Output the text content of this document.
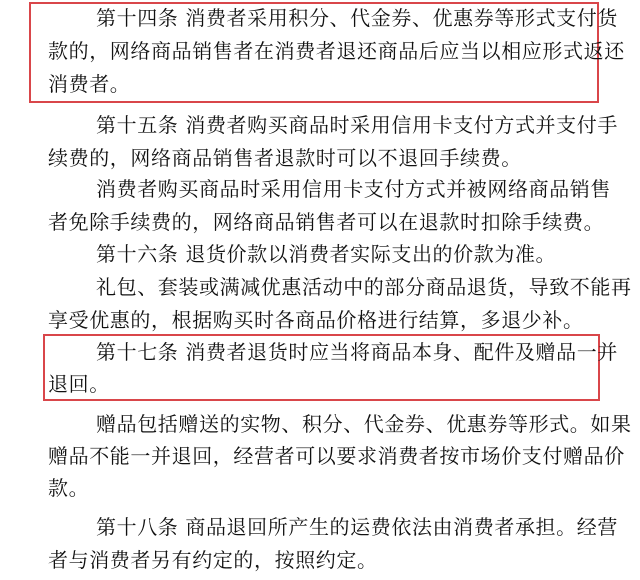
第十四条 消费者采用积分、代金券、优惠券等形式支付货
款的，网络商品销售者在消费者退还商品后应当以相应形式返还
消费者。
第十五条 消费者购买商品时采用信用卡支付方式并支付手
续费的，网络商品销售者退款时可以不退回手续费。
消费者购买商品时采用信用卡支付方式并被网络商品销售
者免除手续费的，网络商品销售者可以在退款时扣除手续费。
第十六条 退货价款以消费者实际支出的价款为准。
礼包、套装或满减优惠活动中的部分商品退货，导致不能再
享受优惠的，根据购买时各商品价格进行结算，多退少补。
第十七条 消费者退货时应当将商品本身、配件及赠品一并
退回。
赠品包括赠送的实物、积分、代金券、优惠券等形式。如果
赠品不能一并退回，经营者可以要求消费者按市场价支付赠品价
款。
第十八条 商品退回所产生的运费依法由消费者承担。经营
者与消费者另有约定的，按照约定。
